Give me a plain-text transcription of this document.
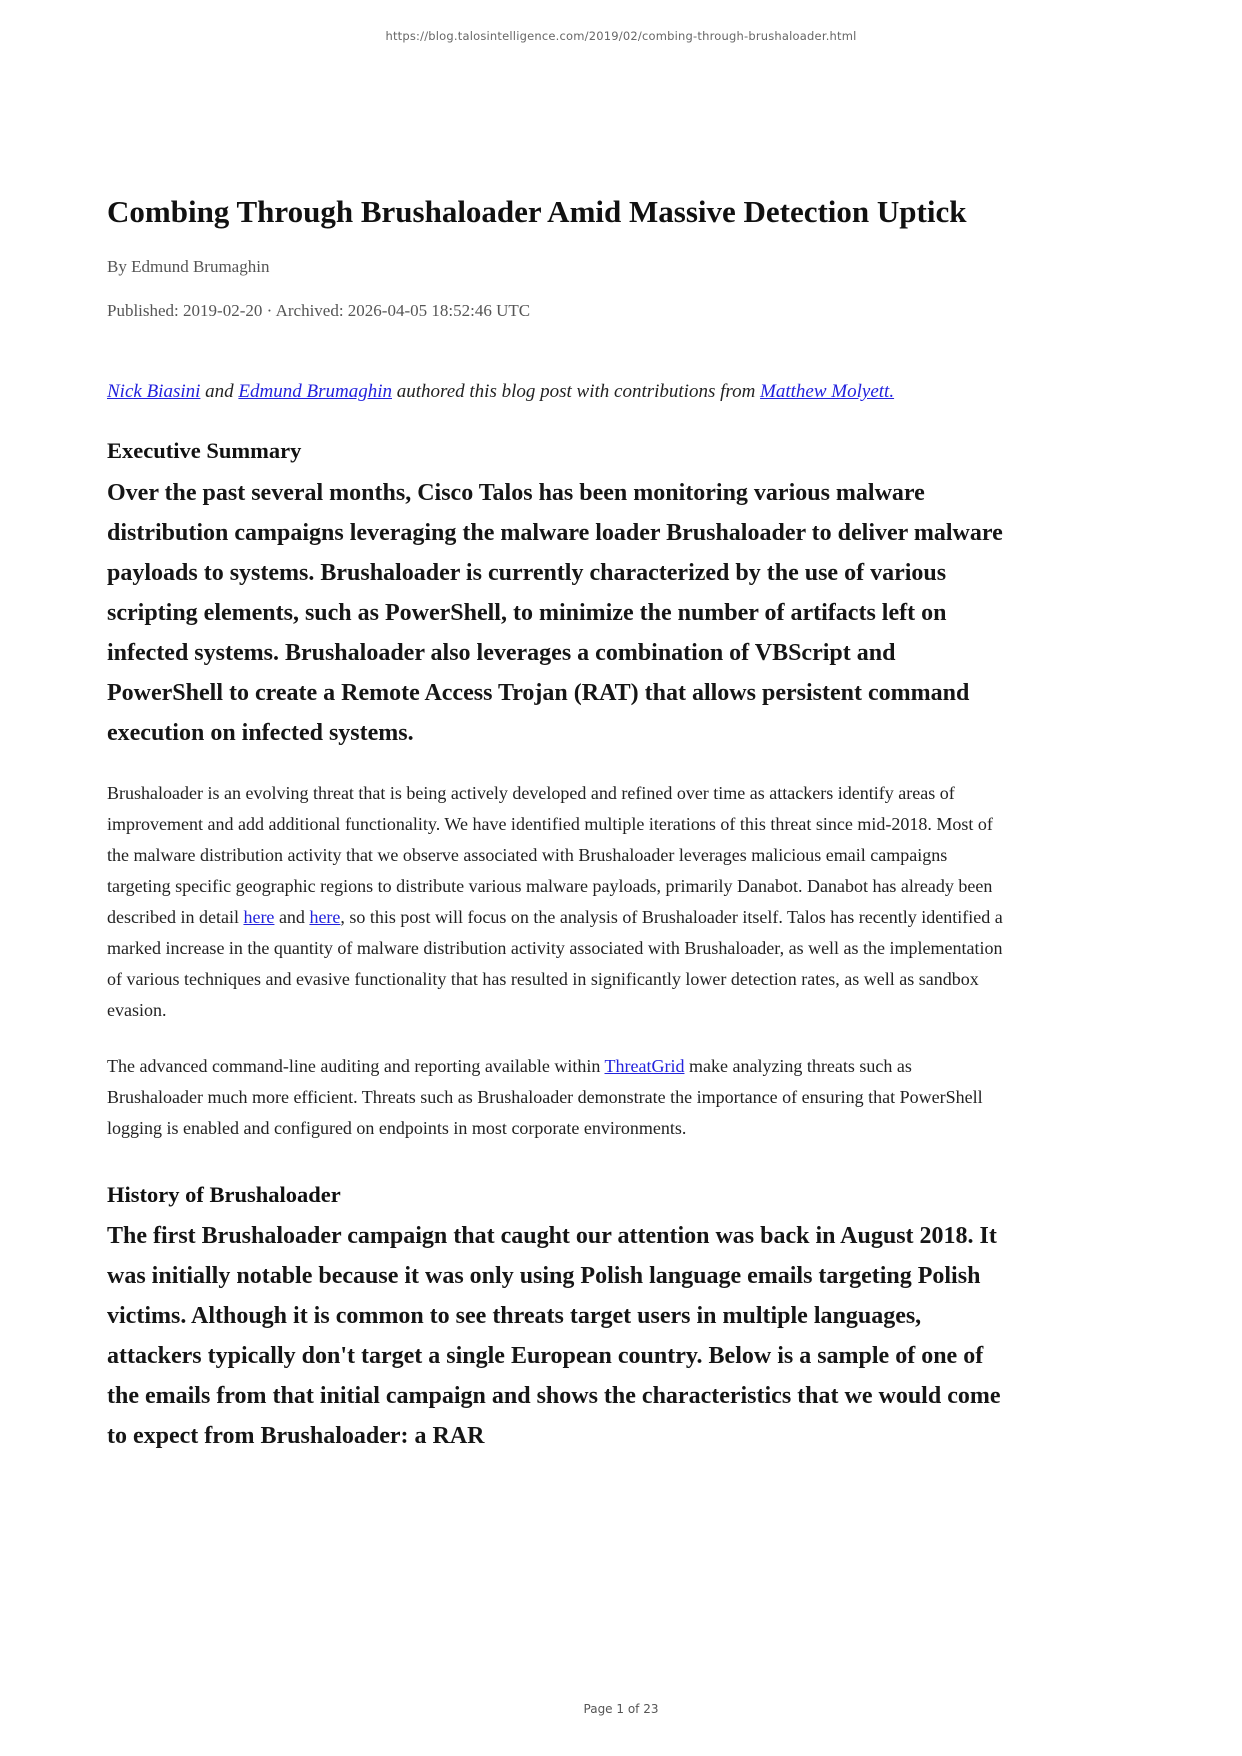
https://blog.talosintelligence.com/2019/02/combing-through-brushaloader.html
Combing Through Brushaloader Amid Massive Detection Uptick
By Edmund Brumaghin
Published: 2019-02-20 · Archived: 2026-04-05 18:52:46 UTC

Nick Biasini and Edmund Brumaghin authored this blog post with contributions from Matthew Molyett.

Executive Summary

Over the past several months, Cisco Talos has been monitoring various malware distribution campaigns leveraging the malware loader Brushaloader to deliver malware payloads to systems. Brushaloader is currently characterized by the use of various scripting elements, such as PowerShell, to minimize the number of artifacts left on infected systems. Brushaloader also leverages a combination of VBScript and PowerShell to create a Remote Access Trojan (RAT) that allows persistent command execution on infected systems.

Brushaloader is an evolving threat that is being actively developed and refined over time as attackers identify areas of improvement and add additional functionality. We have identified multiple iterations of this threat since mid-2018. Most of the malware distribution activity that we observe associated with Brushaloader leverages malicious email campaigns targeting specific geographic regions to distribute various malware payloads, primarily Danabot. Danabot has already been described in detail here and here, so this post will focus on the analysis of Brushaloader itself. Talos has recently identified a marked increase in the quantity of malware distribution activity associated with Brushaloader, as well as the implementation of various techniques and evasive functionality that has resulted in significantly lower detection rates, as well as sandbox evasion.

The advanced command-line auditing and reporting available within ThreatGrid make analyzing threats such as Brushaloader much more efficient. Threats such as Brushaloader demonstrate the importance of ensuring that PowerShell logging is enabled and configured on endpoints in most corporate environments.

History of Brushaloader

The first Brushaloader campaign that caught our attention was back in August 2018. It was initially notable because it was only using Polish language emails targeting Polish victims. Although it is common to see threats target users in multiple languages, attackers typically don't target a single European country. Below is a sample of one of the emails from that initial campaign and shows the characteristics that we would come to expect from Brushaloader: a RAR

Page 1 of 23
